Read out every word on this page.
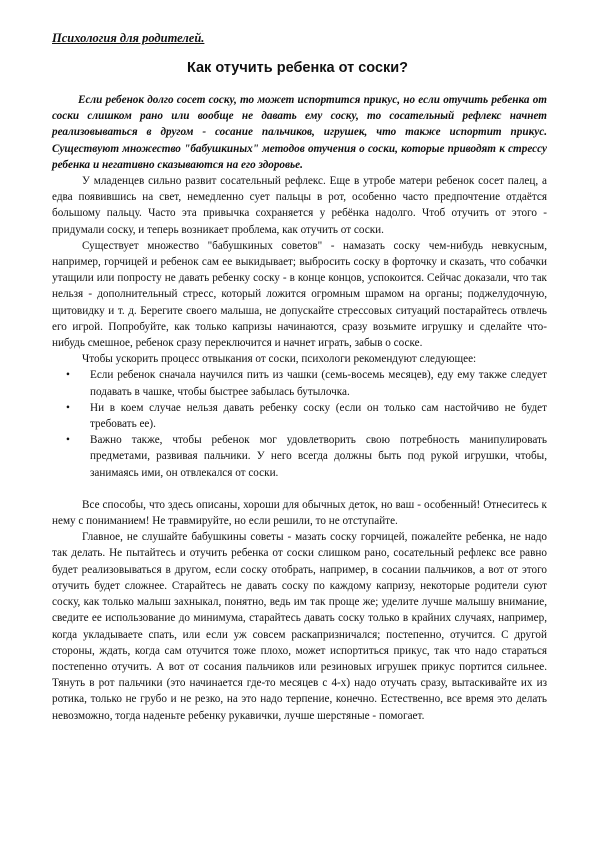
Психология для родителей.
Как отучить ребенка от соски?

Если ребенок долго сосет соску, то может испортится прикус, но если отучить ребенка от соски слишком рано или вообще не давать ему соску, то сосательный рефлекс начнет реализовываться в другом - сосание пальчиков, игрушек, что также испортит прикус. Существуют множество "бабушкиных" методов отучения о соски, которые приводят к стрессу ребенка и негативно сказываются на его здоровье.

У младенцев сильно развит сосательный рефлекс. Еще в утробе матери ребенок сосет палец, а едва появившись на свет, немедленно сует пальцы в рот, особенно часто предпочтение отдаётся большому пальцу. Часто эта привычка сохраняется у ребёнка надолго. Чтоб отучить от этого - придумали соску, и теперь возникает проблема, как отучить от соски.

Существует множество "бабушкиных советов" - намазать соску чем-нибудь невкусным, например, горчицей и ребенок сам ее выкидывает; выбросить соску в форточку и сказать, что собачки утащили или попросту не давать ребенку соску - в конце концов, успокоится. Сейчас доказали, что так нельзя - дополнительный стресс, который ложится огромным шрамом на органы; поджелудочную, щитовидку и т. д. Берегите своего малыша, не допускайте стрессовых ситуаций постарайтесь отвлечь его игрой. Попробуйте, как только капризы начинаются, сразу возьмите игрушку и сделайте что-нибудь смешное, ребенок сразу переключится и начнет играть, забыв о соске.

Чтобы ускорить процесс отвыкания от соски, психологи рекомендуют следующее:

• Если ребенок сначала научился пить из чашки (семь-восемь месяцев), еду ему также следует подавать в чашке, чтобы быстрее забылась бутылочка.
• Ни в коем случае нельзя давать ребенку соску (если он только сам настойчиво не будет требовать ее).
• Важно также, чтобы ребенок мог удовлетворить свою потребность манипулировать предметами, развивая пальчики. У него всегда должны быть под рукой игрушки, чтобы, занимаясь ими, он отвлекался от соски.

Все способы, что здесь описаны, хороши для обычных деток, но ваш - особенный! Отнеситесь к нему с пониманием! Не травмируйте, но если решили, то не отступайте.

Главное, не слушайте бабушкины советы - мазать соску горчицей, пожалейте ребенка, не надо так делать. Не пытайтесь и отучить ребенка от соски слишком рано, сосательный рефлекс все равно будет реализовываться в другом, если соску отобрать, например, в сосании пальчиков, а вот от этого отучить будет сложнее. Старайтесь не давать соску по каждому капризу, некоторые родители суют соску, как только малыш захныкал, понятно, ведь им так проще же; уделите лучше малышу внимание, сведите ее использование до минимума, старайтесь давать соску только в крайних случаях, например, когда укладываете спать, или если уж совсем раскапризничался; постепенно, отучится. С другой стороны, ждать, когда сам отучится тоже плохо, может испортиться прикус, так что надо стараться постепенно отучить. А вот от сосания пальчиков или резиновых игрушек прикус портится сильнее. Тянуть в рот пальчики (это начинается где-то месяцев с 4-х) надо отучать сразу, вытаскивайте их из ротика, только не грубо и не резко, на это надо терпение, конечно. Естественно, все время это делать невозможно, тогда наденьте ребенку рукавички, лучше шерстяные - помогает.
